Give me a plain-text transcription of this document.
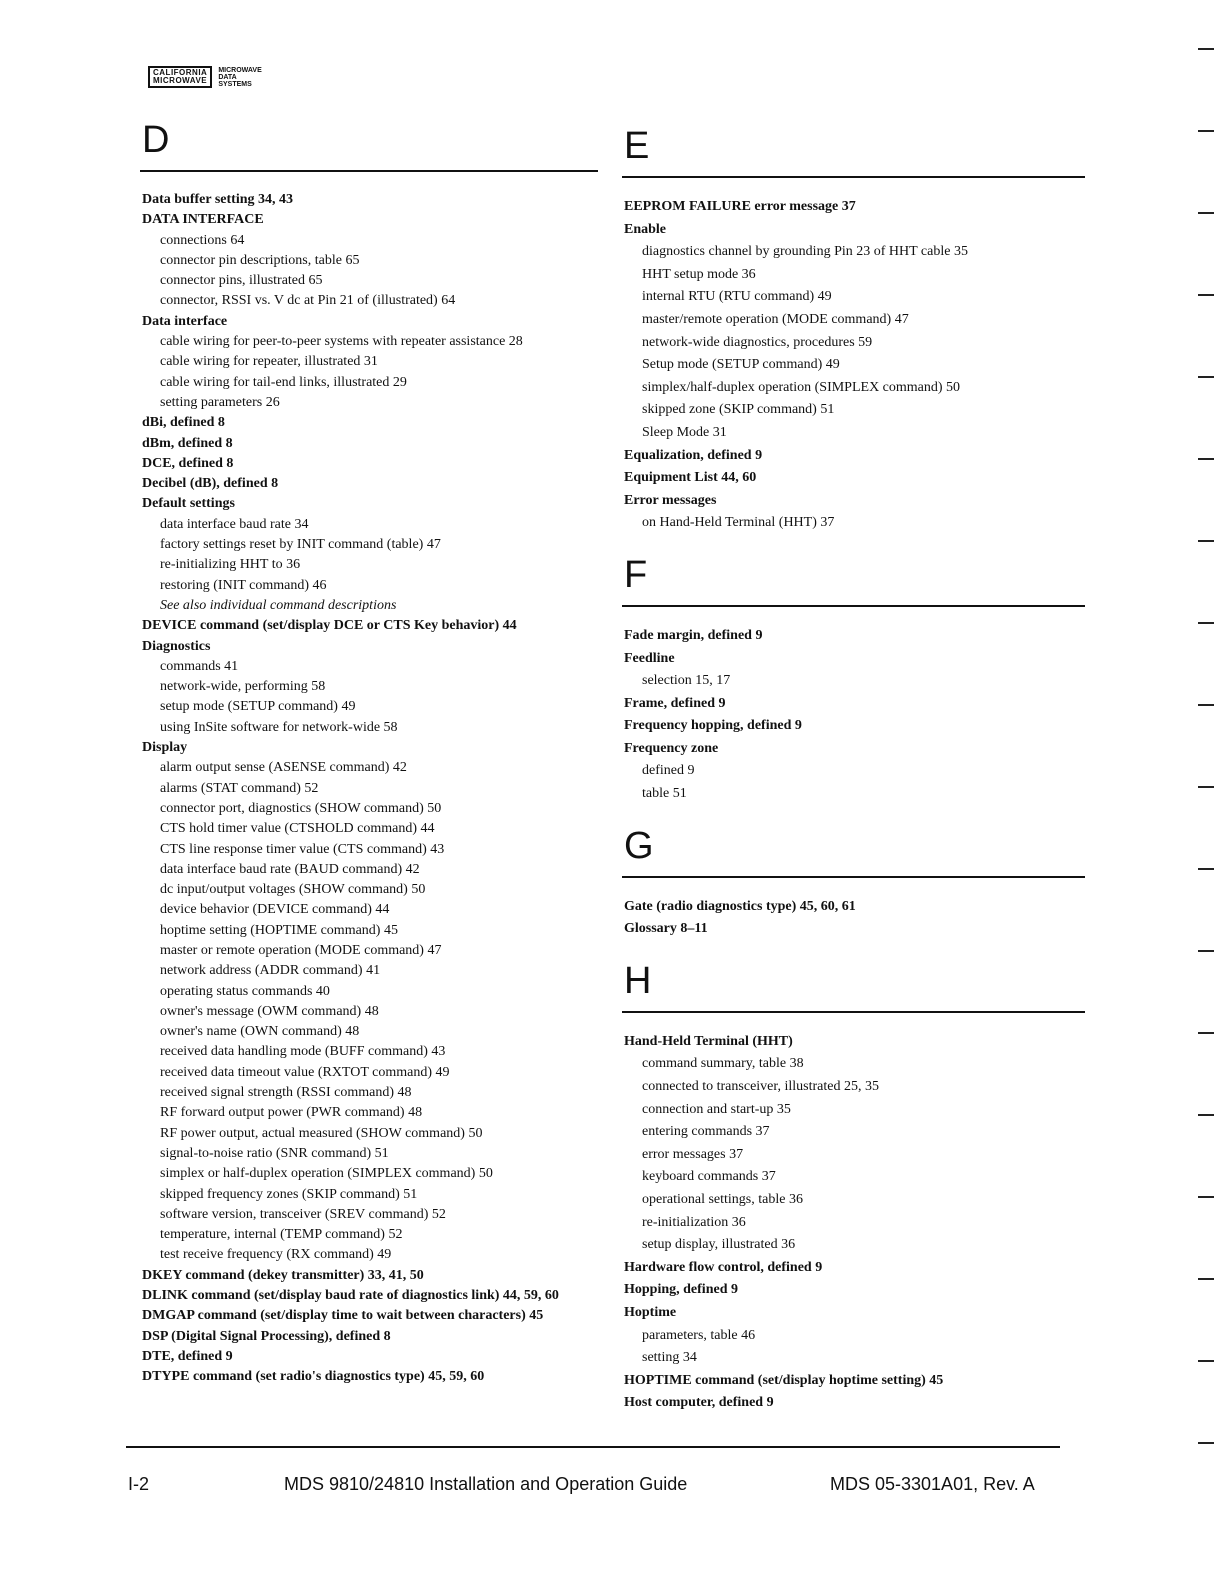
CALIFORNIA
MICROWAVE
MICROWAVE
DATA
SYSTEMS
D

Data buffer setting 34, 43

DATA INTERFACE

connections 64

connector pin descriptions, table 65

connector pins, illustrated 65

connector, RSSI vs. V dc at Pin 21 of (illustrated) 64

Data interface

cable wiring for peer-to-peer systems with repeater assistance 28

cable wiring for repeater, illustrated 31

cable wiring for tail-end links, illustrated 29

setting parameters 26

dBi, defined 8

dBm, defined 8

DCE, defined 8

Decibel (dB), defined 8

Default settings

data interface baud rate 34

factory settings reset by INIT command (table) 47

re-initializing HHT to 36

restoring (INIT command) 46

See also individual command descriptions

DEVICE command (set/display DCE or CTS Key behavior) 44

Diagnostics

commands 41

network-wide, performing 58

setup mode (SETUP command) 49

using InSite software for network-wide 58

Display

alarm output sense (ASENSE command) 42

alarms (STAT command) 52

connector port, diagnostics (SHOW command) 50

CTS hold timer value (CTSHOLD command) 44

CTS line response timer value (CTS command) 43

data interface baud rate (BAUD command) 42

dc input/output voltages (SHOW command) 50

device behavior (DEVICE command) 44

hoptime setting (HOPTIME command) 45

master or remote operation (MODE command) 47

network address (ADDR command) 41

operating status commands 40

owner's message (OWM command) 48

owner's name (OWN command) 48

received data handling mode (BUFF command) 43

received data timeout value (RXTOT command) 49

received signal strength (RSSI command) 48

RF forward output power (PWR command) 48

RF power output, actual measured (SHOW command) 50

signal-to-noise ratio (SNR command) 51

simplex or half-duplex operation (SIMPLEX command) 50

skipped frequency zones (SKIP command) 51

software version, transceiver (SREV command) 52

temperature, internal (TEMP command) 52

test receive frequency (RX command) 49

DKEY command (dekey transmitter) 33, 41, 50

DLINK command (set/display baud rate of diagnostics link) 44, 59, 60

DMGAP command (set/display time to wait between characters) 45

DSP (Digital Signal Processing), defined 8

DTE, defined 9

DTYPE command (set radio's diagnostics type) 45, 59, 60

E

EEPROM FAILURE error message 37

Enable

diagnostics channel by grounding Pin 23 of HHT cable 35

HHT setup mode 36

internal RTU (RTU command) 49

master/remote operation (MODE command) 47

network-wide diagnostics, procedures 59

Setup mode (SETUP command) 49

simplex/half-duplex operation (SIMPLEX command) 50

skipped zone (SKIP command) 51

Sleep Mode 31

Equalization, defined 9

Equipment List 44, 60

Error messages

on Hand-Held Terminal (HHT) 37

F

Fade margin, defined 9

Feedline

selection 15, 17

Frame, defined 9

Frequency hopping, defined 9

Frequency zone

defined 9

table 51

G

Gate (radio diagnostics type) 45, 60, 61

Glossary 8–11

H

Hand-Held Terminal (HHT)

command summary, table 38

connected to transceiver, illustrated 25, 35

connection and start-up 35

entering commands 37

error messages 37

keyboard commands 37

operational settings, table 36

re-initialization 36

setup display, illustrated 36

Hardware flow control, defined 9

Hopping, defined 9

Hoptime

parameters, table 46

setting 34

HOPTIME command (set/display hoptime setting) 45

Host computer, defined 9

I-2	MDS 9810/24810 Installation and Operation Guide	MDS 05-3301A01, Rev. A
